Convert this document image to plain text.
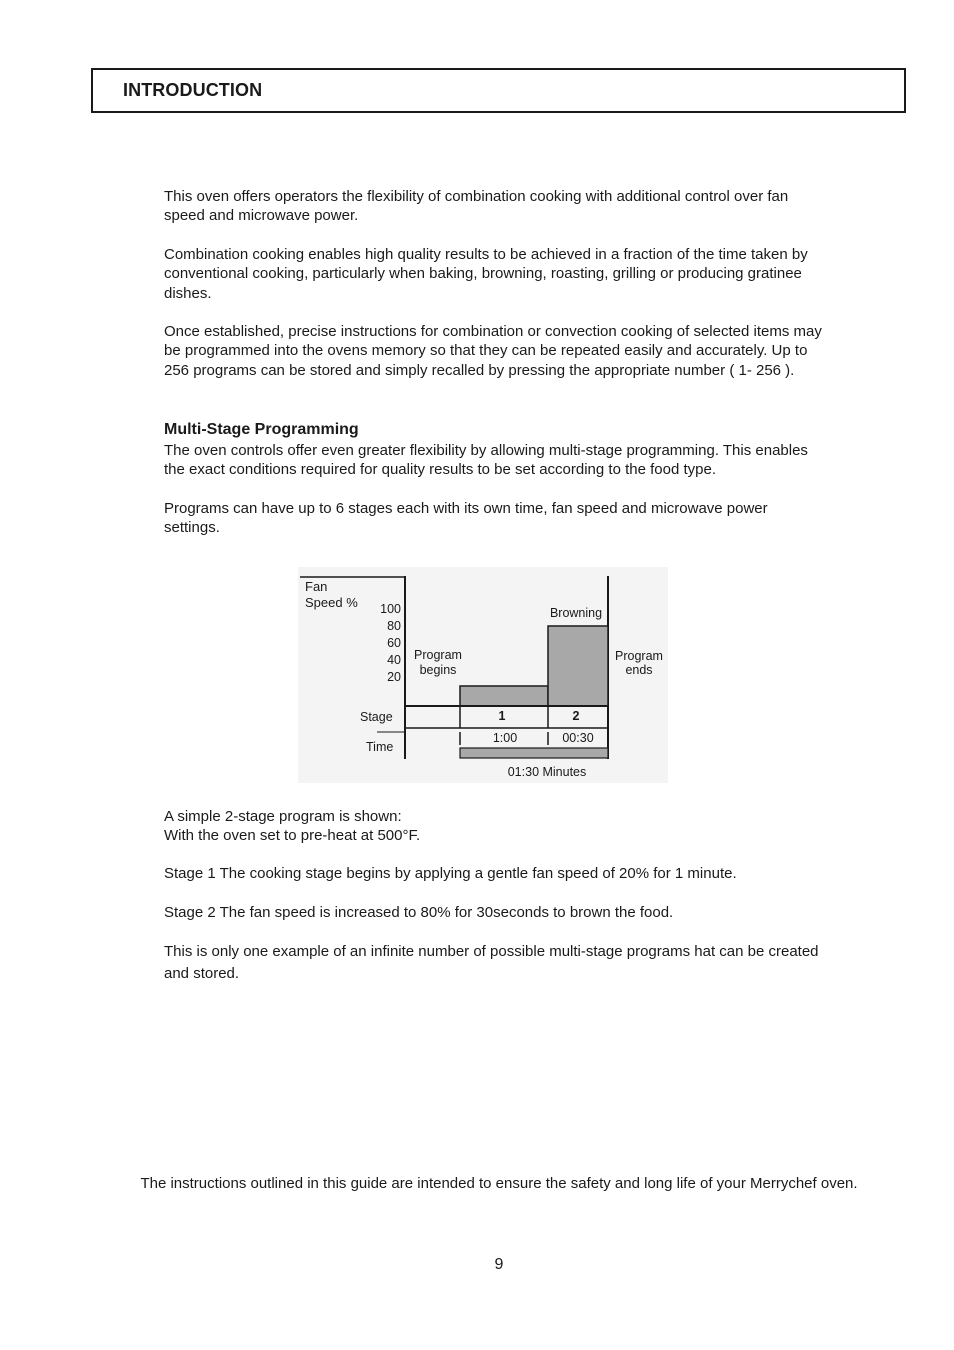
INTRODUCTION
This oven offers operators the flexibility of combination cooking with additional control over fan speed and microwave power.
Combination cooking enables high quality results to be achieved in a fraction of the time taken by conventional cooking, particularly when baking, browning, roasting, grilling or producing gratinee dishes.
Once established, precise instructions for combination or convection cooking of selected items may be programmed into the ovens memory so that they can be repeated easily and accurately. Up to 256 programs can be stored and simply recalled by pressing the appropriate number ( 1- 256 ).
Multi-Stage Programming
The oven controls offer even greater flexibility by allowing multi-stage programming. This enables the exact conditions required for quality results to be set according to the food type.
Programs can have up to 6 stages each with its own time, fan speed and microwave power settings.
Fan
Speed % 100
80
60
40
20
Program
begins
Browning
Program
ends
Stage	1	2
Time
1:00	00:30
01:30 Minutes
A simple 2-stage program is shown:
With the oven set to pre-heat at 500°F.
Stage 1 The cooking stage begins by applying a gentle fan speed of 20% for 1 minute.
Stage 2 The fan speed is increased to 80% for 30seconds to brown the food.
This is only one example of an infinite number of possible multi-stage programs hat can be created and stored.
The instructions outlined in this guide are intended to ensure the safety and long life of your Merrychef oven.
9
